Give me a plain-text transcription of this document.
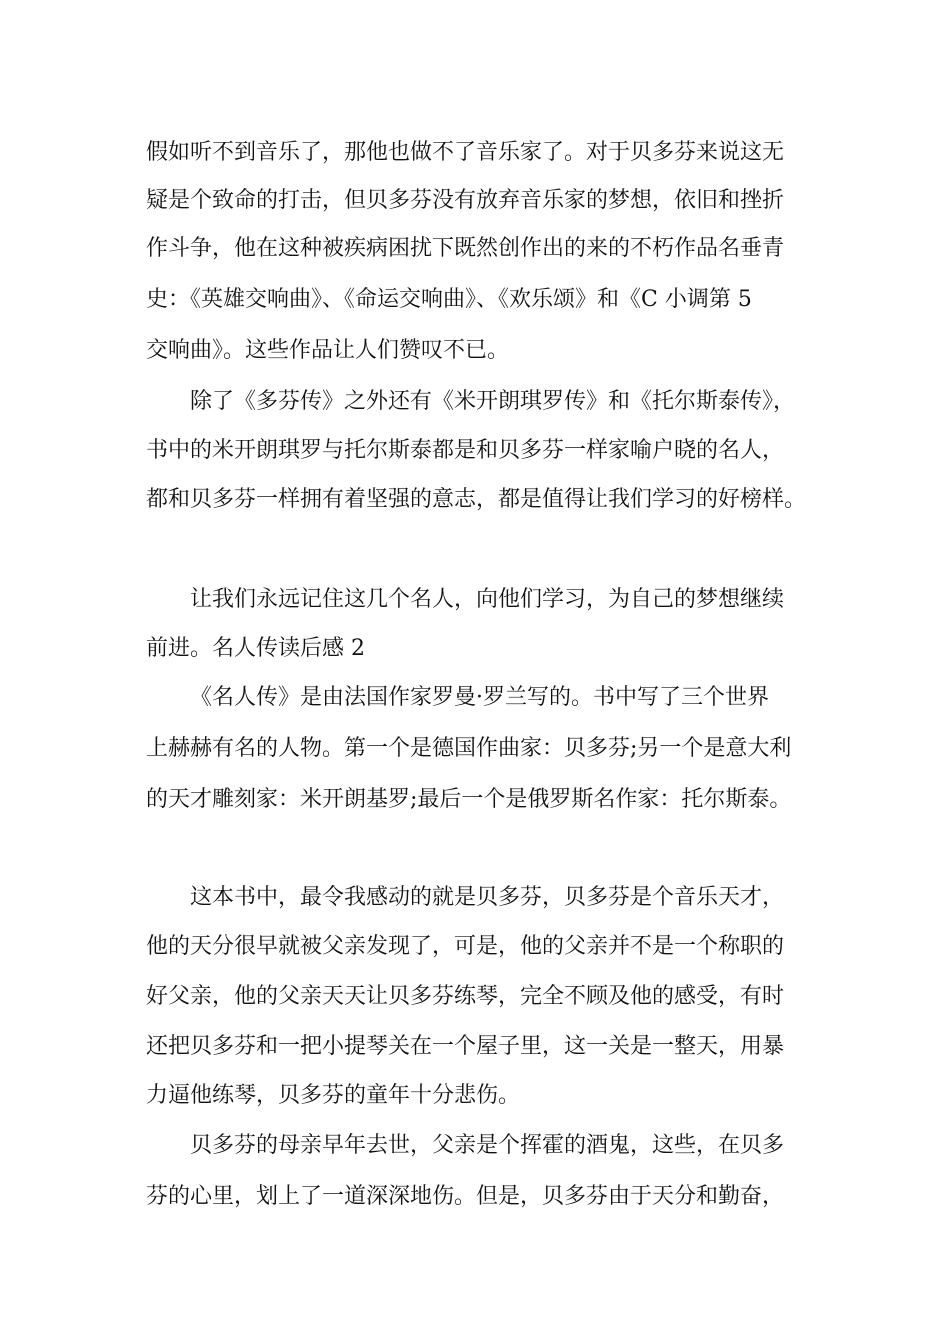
假如听不到音乐了，那他也做不了音乐家了。对于贝多芬来说这无

疑是个致命的打击，但贝多芬没有放弃音乐家的梦想，依旧和挫折

作斗争，他在这种被疾病困扰下既然创作出的来的不朽作品名垂青

史：《英雄交响曲》、《命运交响曲》、《欢乐颂》和《C 小调第 5

交响曲》。这些作品让人们赞叹不已。

除了《多芬传》之外还有《米开朗琪罗传》和《托尔斯泰传》，

书中的米开朗琪罗与托尔斯泰都是和贝多芬一样家喻户晓的名人，

都和贝多芬一样拥有着坚强的意志，都是值得让我们学习的好榜样。

让我们永远记住这几个名人，向他们学习，为自己的梦想继续

前进。名人传读后感 2

《名人传》是由法国作家罗曼·罗兰写的。书中写了三个世界

上赫赫有名的人物。第一个是德国作曲家：贝多芬;另一个是意大利

的天才雕刻家：米开朗基罗;最后一个是俄罗斯名作家：托尔斯泰。

这本书中，最令我感动的就是贝多芬，贝多芬是个音乐天才，

他的天分很早就被父亲发现了，可是，他的父亲并不是一个称职的

好父亲，他的父亲天天让贝多芬练琴，完全不顾及他的感受，有时

还把贝多芬和一把小提琴关在一个屋子里，这一关是一整天，用暴

力逼他练琴，贝多芬的童年十分悲伤。

贝多芬的母亲早年去世，父亲是个挥霍的酒鬼，这些，在贝多

芬的心里，划上了一道深深地伤。但是，贝多芬由于天分和勤奋，
